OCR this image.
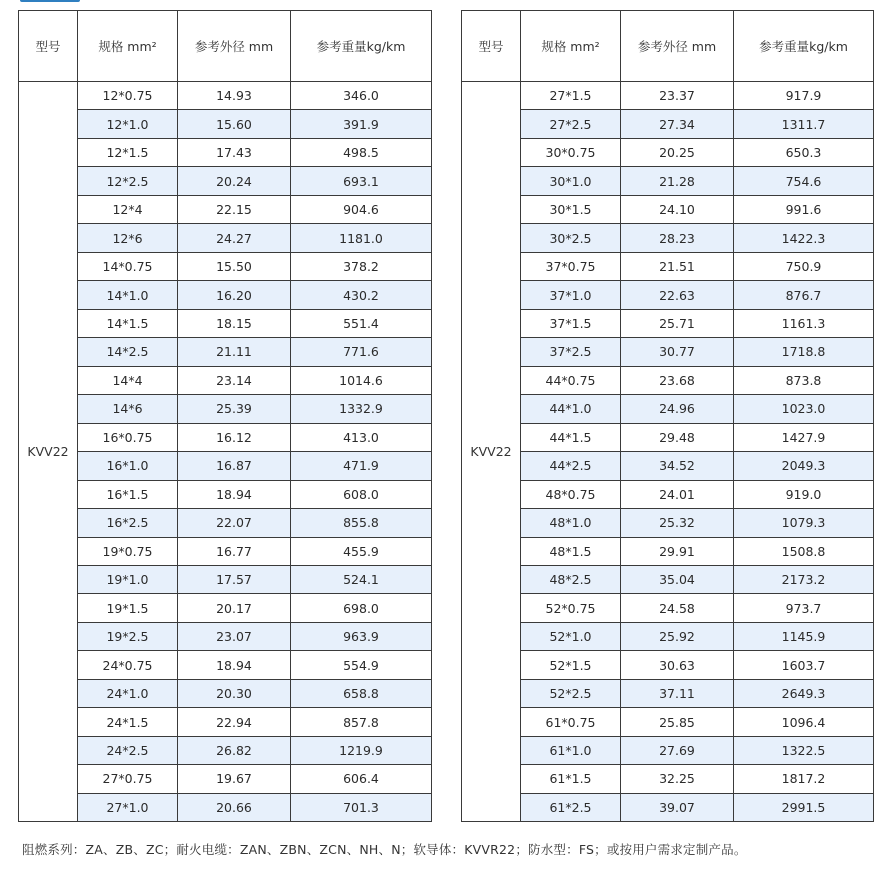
型号	规格 mm²	参考外径 mm	参考重量kg/km
KVV22	12*0.75	14.93	346.0
	12*1.0	15.60	391.9
	12*1.5	17.43	498.5
	12*2.5	20.24	693.1
	12*4	22.15	904.6
	12*6	24.27	1181.0
	14*0.75	15.50	378.2
	14*1.0	16.20	430.2
	14*1.5	18.15	551.4
	14*2.5	21.11	771.6
	14*4	23.14	1014.6
	14*6	25.39	1332.9
	16*0.75	16.12	413.0
	16*1.0	16.87	471.9
	16*1.5	18.94	608.0
	16*2.5	22.07	855.8
	19*0.75	16.77	455.9
	19*1.0	17.57	524.1
	19*1.5	20.17	698.0
	19*2.5	23.07	963.9
	24*0.75	18.94	554.9
	24*1.0	20.30	658.8
	24*1.5	22.94	857.8
	24*2.5	26.82	1219.9
	27*0.75	19.67	606.4
	27*1.0	20.66	701.3
型号	规格 mm²	参考外径 mm	参考重量kg/km
KVV22	27*1.5	23.37	917.9
	27*2.5	27.34	1311.7
	30*0.75	20.25	650.3
	30*1.0	21.28	754.6
	30*1.5	24.10	991.6
	30*2.5	28.23	1422.3
	37*0.75	21.51	750.9
	37*1.0	22.63	876.7
	37*1.5	25.71	1161.3
	37*2.5	30.77	1718.8
	44*0.75	23.68	873.8
	44*1.0	24.96	1023.0
	44*1.5	29.48	1427.9
	44*2.5	34.52	2049.3
	48*0.75	24.01	919.0
	48*1.0	25.32	1079.3
	48*1.5	29.91	1508.8
	48*2.5	35.04	2173.2
	52*0.75	24.58	973.7
	52*1.0	25.92	1145.9
	52*1.5	30.63	1603.7
	52*2.5	37.11	2649.3
	61*0.75	25.85	1096.4
	61*1.0	27.69	1322.5
	61*1.5	32.25	1817.2
	61*2.5	39.07	2991.5
阻燃系列：ZA、ZB、ZC；耐火电缆：ZAN、ZBN、ZCN、NH、N；软导体：KVVR22；防水型：FS；或按用户需求定制产品。
